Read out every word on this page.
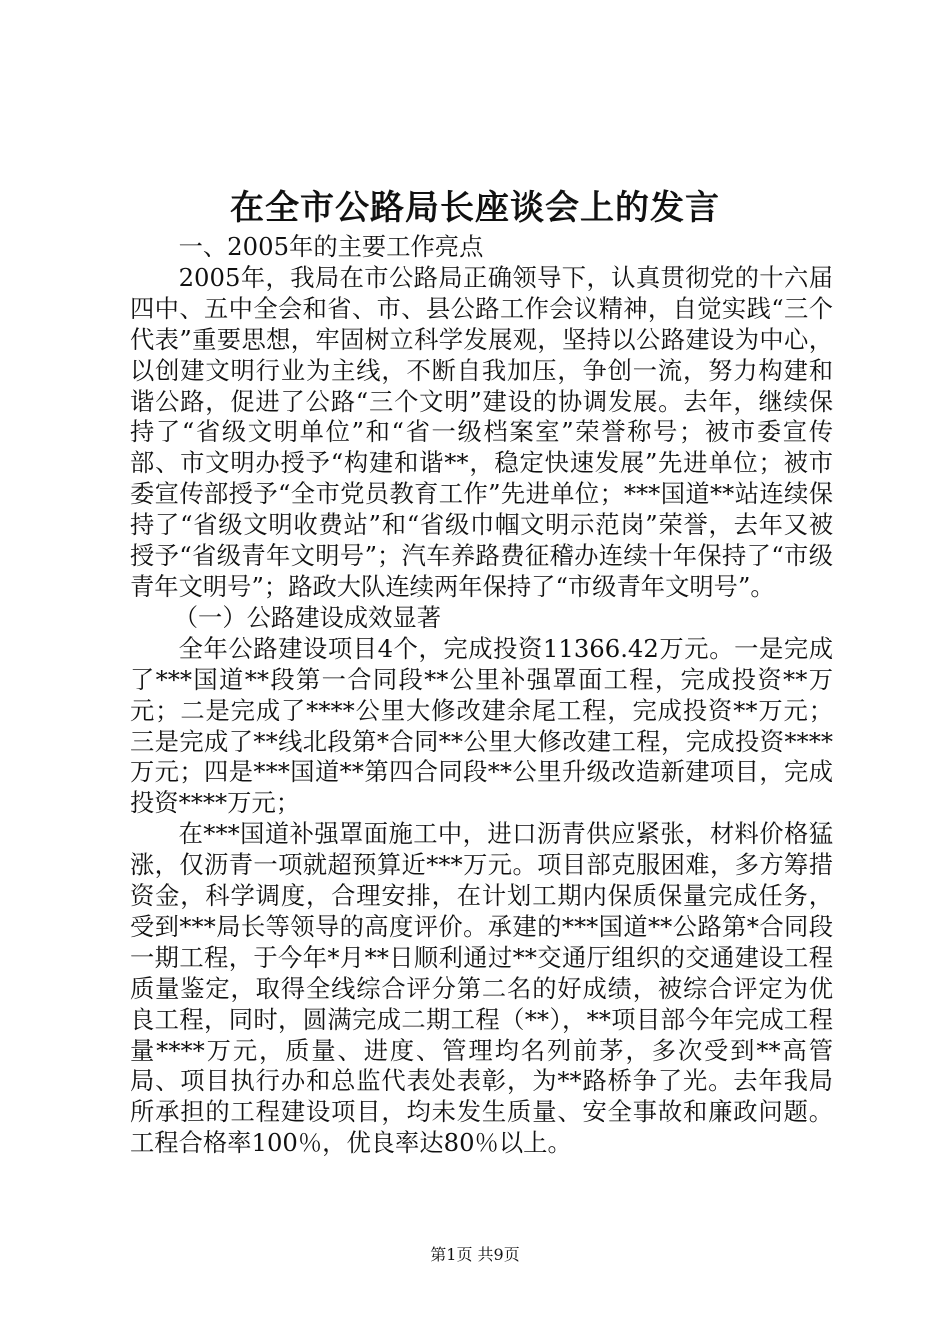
在全市公路局长座谈会上的发言

一、2005年的主要工作亮点

2005年，我局在市公路局正确领导下，认真贯彻党的十六届四中、五中全会和省、市、县公路工作会议精神，自觉实践“三个代表”重要思想，牢固树立科学发展观，坚持以公路建设为中心，以创建文明行业为主线，不断自我加压，争创一流，努力构建和谐公路，促进了公路“三个文明”建设的协调发展。去年，继续保持了“省级文明单位”和“省一级档案室”荣誉称号；被市委宣传部、市文明办授予“构建和谐**，稳定快速发展”先进单位；被市委宣传部授予“全市党员教育工作”先进单位；***国道**站连续保持了“省级文明收费站”和“省级巾帼文明示范岗”荣誉，去年又被授予“省级青年文明号”；汽车养路费征稽办连续十年保持了“市级青年文明号”；路政大队连续两年保持了“市级青年文明号”。

（一）公路建设成效显著

全年公路建设项目4个，完成投资11366.42万元。一是完成了***国道**段第一合同段**公里补强罩面工程，完成投资**万元；二是完成了****公里大修改建余尾工程，完成投资**万元；三是完成了**线北段第*合同**公里大修改建工程，完成投资****万元；四是***国道**第四合同段**公里升级改造新建项目，完成投资****万元；

在***国道补强罩面施工中，进口沥青供应紧张，材料价格猛涨，仅沥青一项就超预算近***万元。项目部克服困难，多方筹措资金，科学调度，合理安排，在计划工期内保质保量完成任务，受到***局长等领导的高度评价。承建的***国道**公路第*合同段一期工程，于今年*月**日顺利通过**交通厅组织的交通建设工程质量鉴定，取得全线综合评分第二名的好成绩，被综合评定为优良工程，同时，圆满完成二期工程（**），**项目部今年完成工程量****万元，质量、进度、管理均名列前茅，多次受到**高管局、项目执行办和总监代表处表彰，为**路桥争了光。去年我局所承担的工程建设项目，均未发生质量、安全事故和廉政问题。工程合格率100％，优良率达80％以上。

第1页 共9页
